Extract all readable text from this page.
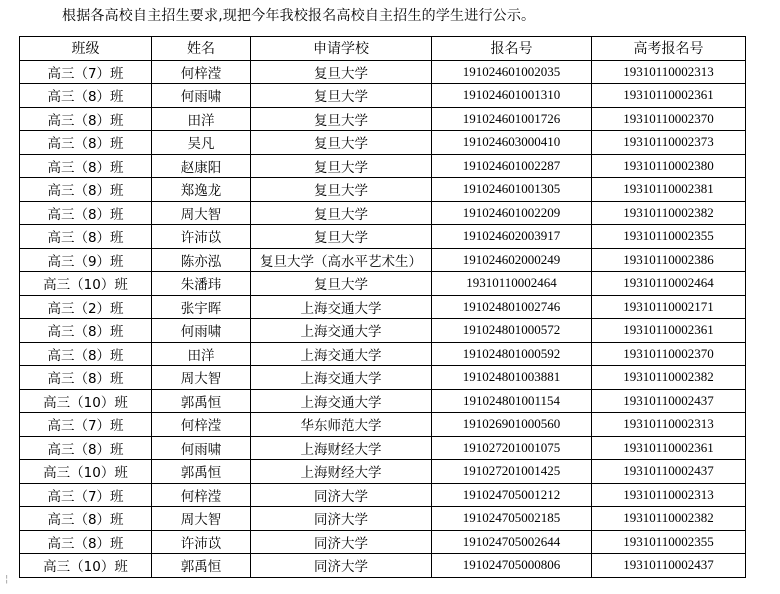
根据各高校自主招生要求,现把今年我校报名高校自主招生的学生进行公示。
班级	姓名	申请学校	报名号	高考报名号
高三（7）班	何梓滢	复旦大学	191024601002035	19310110002313
高三（8）班	何雨啸	复旦大学	191024601001310	19310110002361
高三（8）班	田洋	复旦大学	191024601001726	19310110002370
高三（8）班	吴凡	复旦大学	191024603000410	19310110002373
高三（8）班	赵康阳	复旦大学	191024601002287	19310110002380
高三（8）班	郑逸龙	复旦大学	191024601001305	19310110002381
高三（8）班	周大智	复旦大学	191024601002209	19310110002382
高三（8）班	许沛苡	复旦大学	191024602003917	19310110002355
高三（9）班	陈亦泓	复旦大学（高水平艺术生）	191024602000249	19310110002386
高三（10）班	朱潘玮	复旦大学	19310110002464	19310110002464
高三（2）班	张宇晖	上海交通大学	191024801002746	19310110002171
高三（8）班	何雨啸	上海交通大学	191024801000572	19310110002361
高三（8）班	田洋	上海交通大学	191024801000592	19310110002370
高三（8）班	周大智	上海交通大学	191024801003881	19310110002382
高三（10）班	郭禹恒	上海交通大学	191024801001154	19310110002437
高三（7）班	何梓滢	华东师范大学	191026901000560	19310110002313
高三（8）班	何雨啸	上海财经大学	191027201001075	19310110002361
高三（10）班	郭禹恒	上海财经大学	191027201001425	19310110002437
高三（7）班	何梓滢	同济大学	191024705001212	19310110002313
高三（8）班	周大智	同济大学	191024705002185	19310110002382
高三（8）班	许沛苡	同济大学	191024705002644	19310110002355
高三（10）班	郭禹恒	同济大学	191024705000806	19310110002437
¦
